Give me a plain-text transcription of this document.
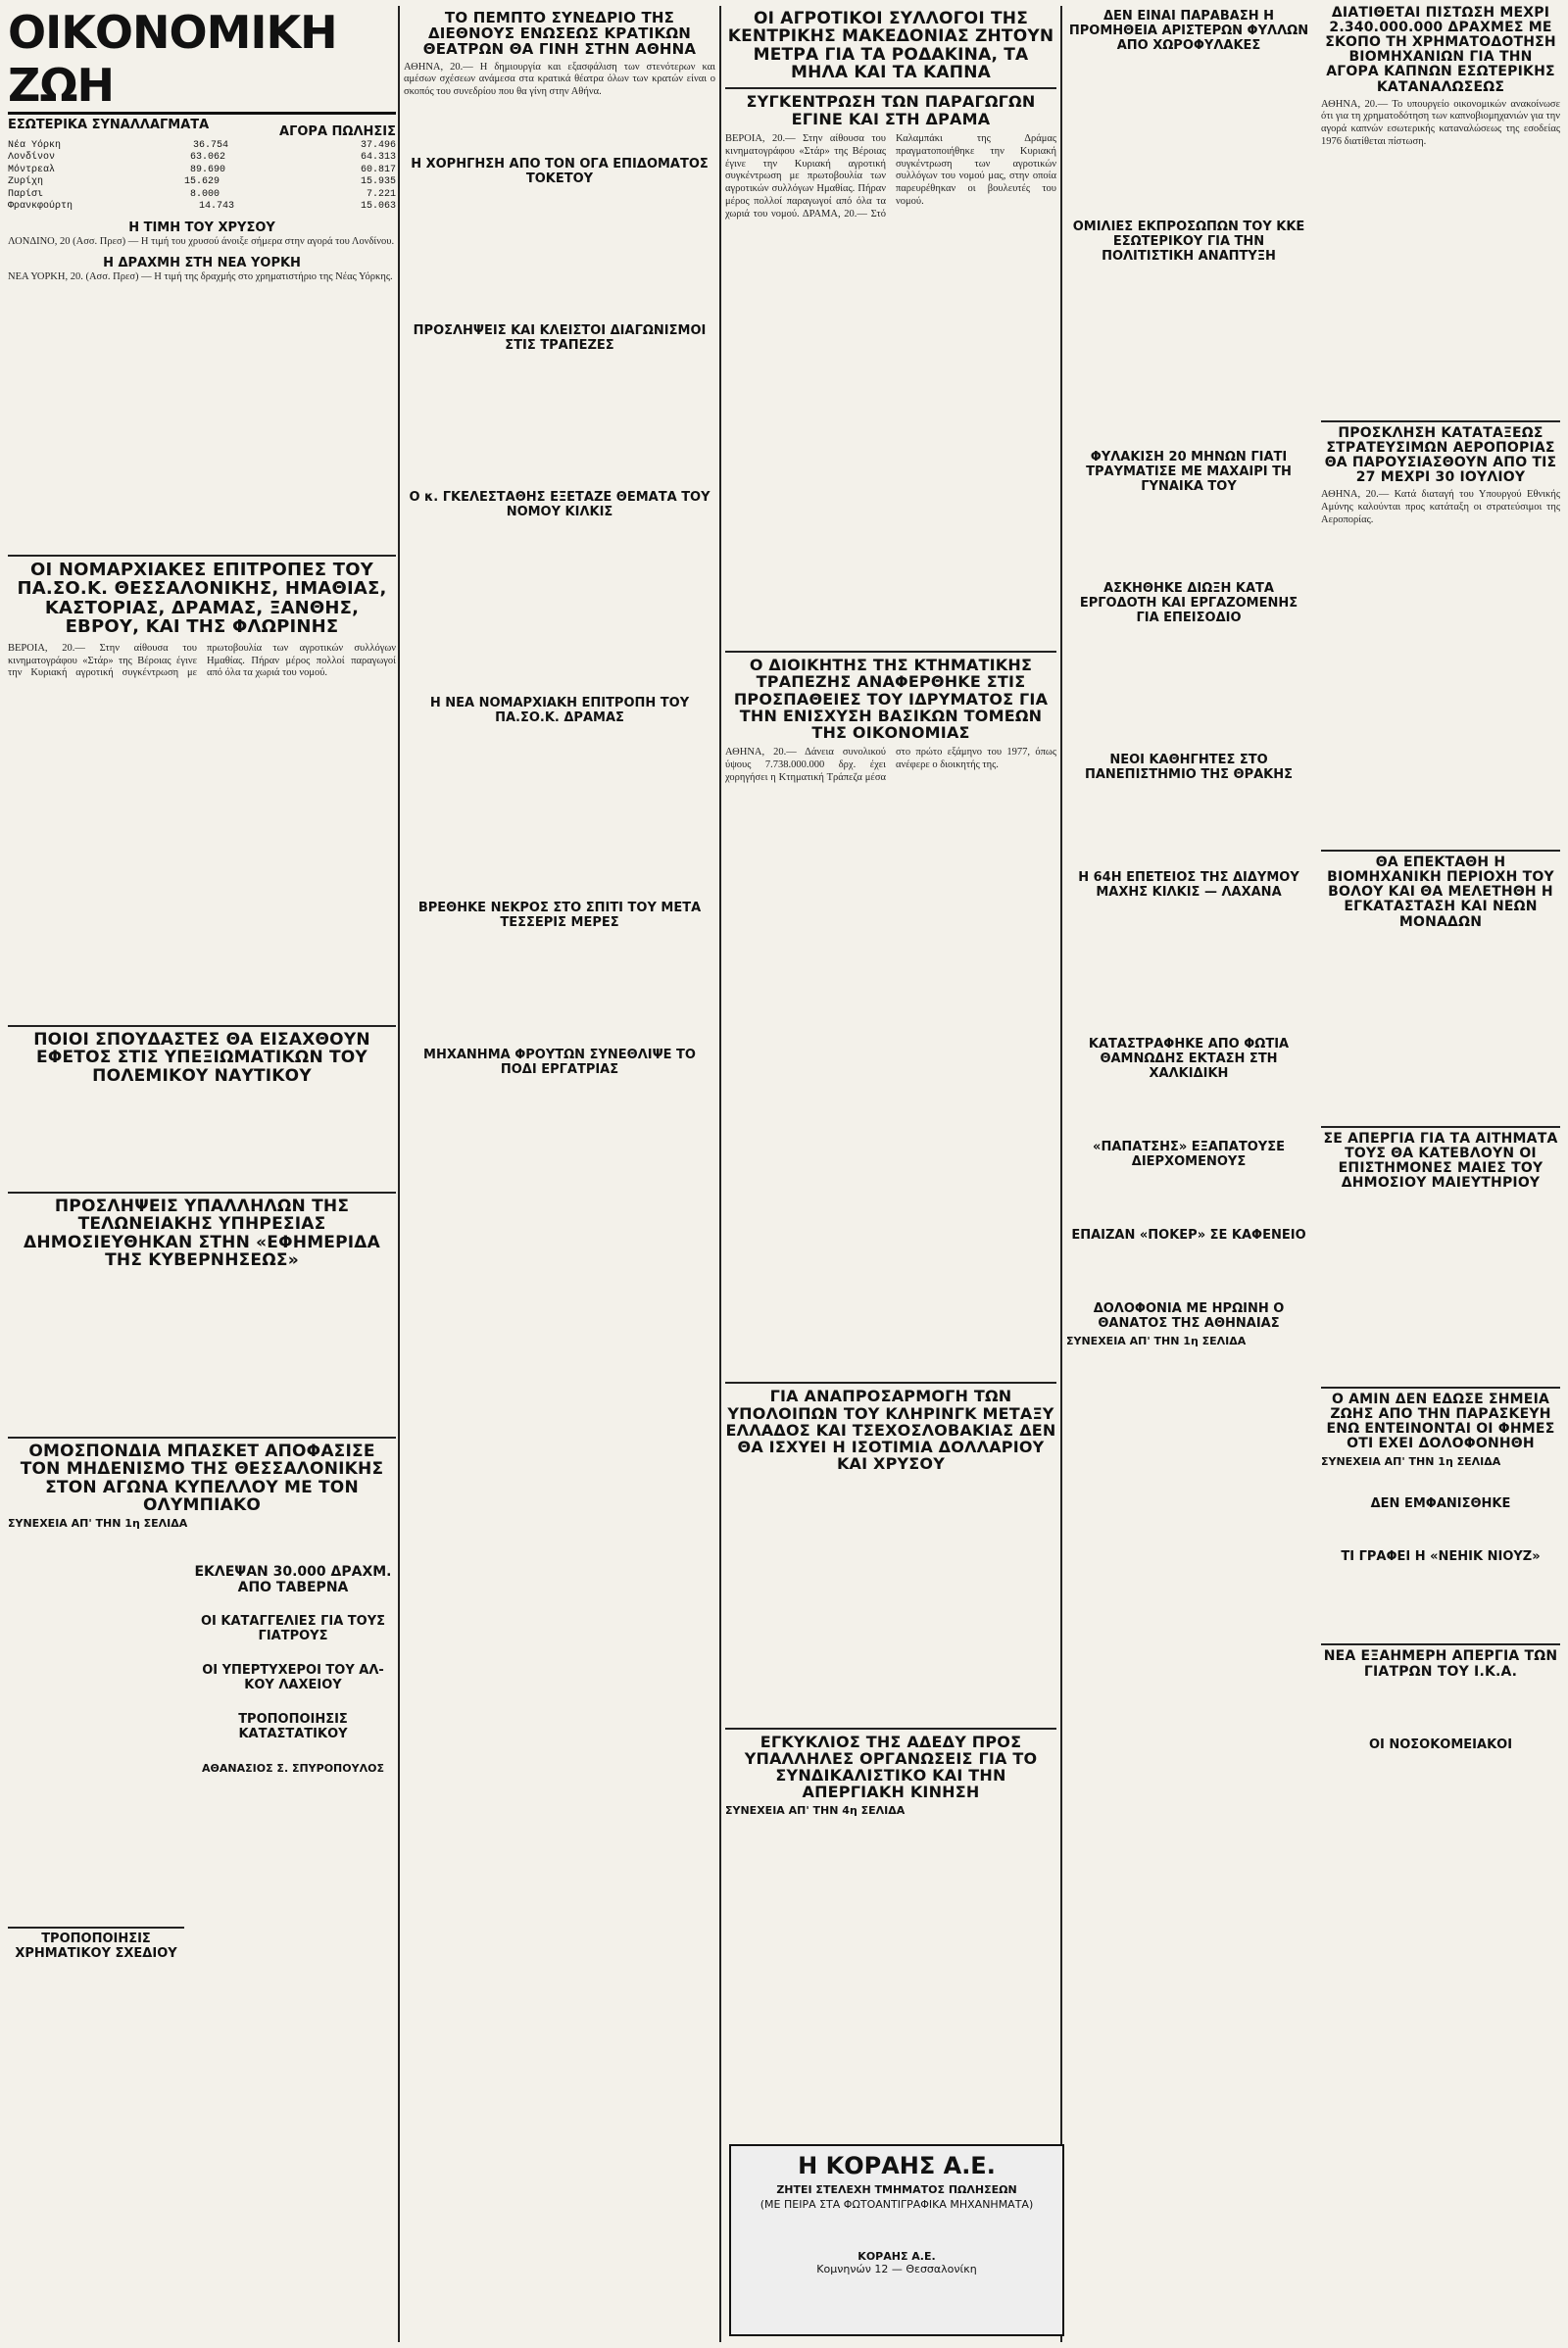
ΟΙΚΟΝΟΜΙΚΗ ΖΩΗ
ΕΣΩΤΕΡΙΚΑ ΣΥΝΑΛΛΑΓΜΑΤΑ	ΑΓΟΡΑ ΠΩΛΗΣΙΣ
Νέα Υόρκη	36.754	37.496
Λονδίνον	63.062	64.313
Μόντρεαλ	89.690	60.817
Ζυρίχη	15.629	15.935
Παρίσι	8.000	7.221
Φρανκφούρτη	14.743	15.063
Η ΤΙΜΗ ΤΟΥ ΧΡΥΣΟΥ
ΛΟΝΔΙΝΟ, 20 (Ασσ. Πρεσ) — Η τιμή του χρυσού άνοιξε σήμερα στην αγορά του Λονδίνου.
Η ΔΡΑΧΜΗ ΣΤΗ ΝΕΑ ΥΟΡΚΗ
ΝΕΑ ΥΟΡΚΗ, 20. (Ασσ. Πρεσ) — Η τιμή της δραχμής στο χρηματιστήριο της Νέας Υόρκης.
ΟΙ ΝΟΜΑΡΧΙΑΚΕΣ ΕΠΙΤΡΟΠΕΣ ΤΟΥ ΠΑ.ΣΟ.Κ. ΘΕΣΣΑΛΟΝΙΚΗΣ, ΗΜΑΘΙΑΣ, ΚΑΣΤΟΡΙΑΣ, ΔΡΑΜΑΣ, ΞΑΝΘΗΣ, ΕΒΡΟΥ, ΚΑΙ ΤΗΣ ΦΛΩΡΙΝΗΣ
ΒΕΡΟΙΑ, 20.— Στην αίθουσα του κινηματογράφου «Στάρ» της Βέροιας έγινε την Κυριακή αγροτική συγκέντρωση με πρωτοβουλία των αγροτικών συλλόγων Ημαθίας. Πήραν μέρος πολλοί παραγωγοί από όλα τα χωριά του νομού.
ΠΟΙΟΙ ΣΠΟΥΔΑΣΤΕΣ ΘΑ ΕΙΣΑΧΘΟΥΝ ΕΦΕΤΟΣ ΣΤΙΣ ΥΠΕΞΙΩΜΑΤΙΚΩΝ ΤΟΥ ΠΟΛΕΜΙΚΟΥ ΝΑΥΤΙΚΟΥ
ΠΡΟΣΛΗΨΕΙΣ ΥΠΑΛΛΗΛΩΝ ΤΗΣ ΤΕΛΩΝΕΙΑΚΗΣ ΥΠΗΡΕΣΙΑΣ ΔΗΜΟΣΙΕΥΘΗΚΑΝ ΣΤΗΝ «ΕΦΗΜΕΡΙΔΑ ΤΗΣ ΚΥΒΕΡΝΗΣΕΩΣ»
ΟΜΟΣΠΟΝΔΙΑ ΜΠΑΣΚΕΤ ΑΠΟΦΑΣΙΣΕ ΤΟΝ ΜΗΔΕΝΙΣΜΟ ΤΗΣ ΘΕΣΣΑΛΟΝΙΚΗΣ ΣΤΟΝ ΑΓΩΝΑ ΚΥΠΕΛΛΟΥ ΜΕ ΤΟΝ ΟΛΥΜΠΙΑΚΟ
ΣΥΝΕΧΕΙΑ ΑΠ' ΤΗΝ 1η ΣΕΛΙΔΑ
ΤΡΟΠΟΠΟΙΗΣΙΣ ΧΡΗΜΑΤΙΚΟΥ ΣΧΕΔΙΟΥ
ΕΚΛΕΨΑΝ 30.000 ΔΡΑΧΜ. ΑΠΟ ΤΑΒΕΡΝΑ
ΟΙ ΚΑΤΑΓΓΕΛΙΕΣ ΓΙΑ ΤΟΥΣ ΓΙΑΤΡΟΥΣ
ΟΙ ΥΠΕΡΤΥΧΕΡΟΙ ΤΟΥ ΑΛ-ΚΟΥ ΛΑΧΕΙΟΥ
ΤΡΟΠΟΠΟΙΗΣΙΣ ΚΑΤΑΣΤΑΤΙΚΟΥ
ΑΘΑΝΑΣΙΟΣ Σ. ΣΠΥΡΟΠΟΥΛΟΣ
ΤΟ ΠΕΜΠΤΟ ΣΥΝΕΔΡΙΟ ΤΗΣ ΔΙΕΘΝΟΥΣ ΕΝΩΣΕΩΣ ΚΡΑΤΙΚΩΝ ΘΕΑΤΡΩΝ ΘΑ ΓΙΝΗ ΣΤΗΝ ΑΘΗΝΑ
ΑΘΗΝΑ, 20.— Η δημιουργία και εξασφάλιση των στενότερων και αμέσων σχέσεων ανάμεσα στα κρατικά θέατρα όλων των κρατών είναι ο σκοπός του συνεδρίου που θα γίνη στην Αθήνα.
Η ΧΟΡΗΓΗΣΗ ΑΠΟ ΤΟΝ ΟΓΑ ΕΠΙΔΟΜΑΤΟΣ ΤΟΚΕΤΟΥ
ΠΡΟΣΛΗΨΕΙΣ ΚΑΙ ΚΛΕΙΣΤΟΙ ΔΙΑΓΩΝΙΣΜΟΙ ΣΤΙΣ ΤΡΑΠΕΖΕΣ
Ο κ. ΓΚΕΛΕΣΤΑΘΗΣ ΕΞΕΤΑΖΕ ΘΕΜΑΤΑ ΤΟΥ ΝΟΜΟΥ ΚΙΛΚΙΣ
Η ΝΕΑ ΝΟΜΑΡΧΙΑΚΗ ΕΠΙΤΡΟΠΗ ΤΟΥ ΠΑ.ΣΟ.Κ. ΔΡΑΜΑΣ
ΒΡΕΘΗΚΕ ΝΕΚΡΟΣ ΣΤΟ ΣΠΙΤΙ ΤΟΥ ΜΕΤΑ ΤΕΣΣΕΡΙΣ ΜΕΡΕΣ
ΜΗΧΑΝΗΜΑ ΦΡΟΥΤΩΝ ΣΥΝΕΘΛΙΨΕ ΤΟ ΠΟΔΙ ΕΡΓΑΤΡΙΑΣ
ΟΙ ΑΓΡΟΤΙΚΟΙ ΣΥΛΛΟΓΟΙ ΤΗΣ ΚΕΝΤΡΙΚΗΣ ΜΑΚΕΔΟΝΙΑΣ ΖΗΤΟΥΝ ΜΕΤΡΑ ΓΙΑ ΤΑ ΡΟΔΑΚΙΝΑ, ΤΑ ΜΗΛΑ ΚΑΙ ΤΑ ΚΑΠΝΑ
ΣΥΓΚΕΝΤΡΩΣΗ ΤΩΝ ΠΑΡΑΓΩΓΩΝ ΕΓΙΝΕ ΚΑΙ ΣΤΗ ΔΡΑΜΑ
ΒΕΡΟΙΑ, 20.— Στην αίθουσα του κινηματογράφου «Στάρ» της Βέροιας έγινε την Κυριακή αγροτική συγκέντρωση με πρωτοβουλία των αγροτικών συλλόγων Ημαθίας. Πήραν μέρος πολλοί παραγωγοί από όλα τα χωριά του νομού. ΔΡΑΜΑ, 20.— Στό Καλαμπάκι της Δράμας πραγματοποιήθηκε την Κυριακή συγκέντρωση των αγροτικών συλλόγων του νομού μας, στην οποία παρευρέθηκαν οι βουλευτές του νομού.
Ο ΔΙΟΙΚΗΤΗΣ ΤΗΣ ΚΤΗΜΑΤΙΚΗΣ ΤΡΑΠΕΖΗΣ ΑΝΑΦΕΡΘΗΚΕ ΣΤΙΣ ΠΡΟΣΠΑΘΕΙΕΣ ΤΟΥ ΙΔΡΥΜΑΤΟΣ ΓΙΑ ΤΗΝ ΕΝΙΣΧΥΣΗ ΒΑΣΙΚΩΝ ΤΟΜΕΩΝ ΤΗΣ ΟΙΚΟΝΟΜΙΑΣ
ΑΘΗΝΑ, 20.— Δάνεια συνολικού ύψους 7.738.000.000 δρχ. έχει χορηγήσει η Κτηματική Τράπεζα μέσα στο πρώτο εξάμηνο του 1977, όπως ανέφερε ο διοικητής της.
ΓΙΑ ΑΝΑΠΡΟΣΑΡΜΟΓΗ ΤΩΝ ΥΠΟΛΟΙΠΩΝ ΤΟΥ ΚΛΗΡΙΝΓΚ ΜΕΤΑΞΥ ΕΛΛΑΔΟΣ ΚΑΙ ΤΣΕΧΟΣΛΟΒΑΚΙΑΣ ΔΕΝ ΘΑ ΙΣΧΥΕΙ Η ΙΣΟΤΙΜΙΑ ΔΟΛΛΑΡΙΟΥ ΚΑΙ ΧΡΥΣΟΥ
ΕΓΚΥΚΛΙΟΣ ΤΗΣ ΑΔΕΔΥ ΠΡΟΣ ΥΠΑΛΛΗΛΕΣ ΟΡΓΑΝΩΣΕΙΣ ΓΙΑ ΤΟ ΣΥΝΔΙΚΑΛΙΣΤΙΚΟ ΚΑΙ ΤΗΝ ΑΠΕΡΓΙΑΚΗ ΚΙΝΗΣΗ
ΣΥΝΕΧΕΙΑ ΑΠ' ΤΗΝ 4η ΣΕΛΙΔΑ
Η ΚΟΡΑΗΣ Α.Ε.
ΖΗΤΕΙ ΣΤΕΛΕΧΗ ΤΜΗΜΑΤΟΣ ΠΩΛΗΣΕΩΝ
(ΜΕ ΠΕΙΡΑ ΣΤΑ ΦΩΤΟΑΝΤΙΓΡΑΦΙΚΑ ΜΗΧΑΝΗΜΑΤΑ)
ΚΟΡΑΗΣ Α.Ε.
Κομνηνών 12 — Θεσσαλονίκη
ΔΕΝ ΕΙΝΑΙ ΠΑΡΑΒΑΣΗ Η ΠΡΟΜΗΘΕΙΑ ΑΡΙΣΤΕΡΩΝ ΦΥΛΛΩΝ ΑΠΟ ΧΩΡΟΦΥΛΑΚΕΣ
ΟΜΙΛΙΕΣ ΕΚΠΡΟΣΩΠΩΝ ΤΟΥ ΚΚΕ ΕΣΩΤΕΡΙΚΟΥ ΓΙΑ ΤΗΝ ΠΟΛΙΤΙΣΤΙΚΗ ΑΝΑΠΤΥΞΗ
ΦΥΛΑΚΙΣΗ 20 ΜΗΝΩΝ ΓΙΑΤΙ ΤΡΑΥΜΑΤΙΣΕ ΜΕ ΜΑΧΑΙΡΙ ΤΗ ΓΥΝΑΙΚΑ ΤΟΥ
ΑΣΚΗΘΗΚΕ ΔΙΩΞΗ ΚΑΤΑ ΕΡΓΟΔΟΤΗ ΚΑΙ ΕΡΓΑΖΟΜΕΝΗΣ ΓΙΑ ΕΠΕΙΣΟΔΙΟ
ΝΕΟΙ ΚΑΘΗΓΗΤΕΣ ΣΤΟ ΠΑΝΕΠΙΣΤΗΜΙΟ ΤΗΣ ΘΡΑΚΗΣ
Η 64Η ΕΠΕΤΕΙΟΣ ΤΗΣ ΔΙΔΥΜΟΥ ΜΑΧΗΣ ΚΙΛΚΙΣ — ΛΑΧΑΝΑ
ΚΑΤΑΣΤΡΑΦΗΚΕ ΑΠΟ ΦΩΤΙΑ ΘΑΜΝΩΔΗΣ ΕΚΤΑΣΗ ΣΤΗ ΧΑΛΚΙΔΙΚΗ
«ΠΑΠΑΤΣΗΣ» ΕΞΑΠΑΤΟΥΣΕ ΔΙΕΡΧΟΜΕΝΟΥΣ
ΕΠΑΙΖΑΝ «ΠΟΚΕΡ» ΣΕ ΚΑΦΕΝΕΙΟ
ΔΟΛΟΦΟΝΙΑ ΜΕ ΗΡΩΙΝΗ Ο ΘΑΝΑΤΟΣ ΤΗΣ ΑΘΗΝΑΙΑΣ
ΣΥΝΕΧΕΙΑ ΑΠ' ΤΗΝ 1η ΣΕΛΙΔΑ
ΔΙΑΤΙΘΕΤΑΙ ΠΙΣΤΩΣΗ ΜΕΧΡΙ 2.340.000.000 ΔΡΑΧΜΕΣ ΜΕ ΣΚΟΠΟ ΤΗ ΧΡΗΜΑΤΟΔΟΤΗΣΗ ΒΙΟΜΗΧΑΝΙΩΝ ΓΙΑ ΤΗΝ ΑΓΟΡΑ ΚΑΠΝΩΝ ΕΣΩΤΕΡΙΚΗΣ ΚΑΤΑΝΑΛΩΣΕΩΣ
ΑΘΗΝΑ, 20.— Το υπουργείο οικονομικών ανακοίνωσε ότι για τη χρηματοδότηση των καπνοβιομηχανιών για την αγορά καπνών εσωτερικής καταναλώσεως της εσοδείας 1976 διατίθεται πίστωση.
ΠΡΟΣΚΛΗΣΗ ΚΑΤΑΤΑΞΕΩΣ ΣΤΡΑΤΕΥΣΙΜΩΝ ΑΕΡΟΠΟΡΙΑΣ ΘΑ ΠΑΡΟΥΣΙΑΣΘΟΥΝ ΑΠΟ ΤΙΣ 27 ΜΕΧΡΙ 30 ΙΟΥΛΙΟΥ
ΑΘΗΝΑ, 20.— Κατά διαταγή του Υπουργού Εθνικής Αμύνης καλούνται προς κατάταξη οι στρατεύσιμοι της Αεροπορίας.
ΘΑ ΕΠΕΚΤΑΘΗ Η ΒΙΟΜΗΧΑΝΙΚΗ ΠΕΡΙΟΧΗ ΤΟΥ ΒΟΛΟΥ ΚΑΙ ΘΑ ΜΕΛΕΤΗΘΗ Η ΕΓΚΑΤΑΣΤΑΣΗ ΚΑΙ ΝΕΩΝ ΜΟΝΑΔΩΝ
ΣΕ ΑΠΕΡΓΙΑ ΓΙΑ ΤΑ ΑΙΤΗΜΑΤΑ ΤΟΥΣ ΘΑ ΚΑΤΕΒΛΟΥΝ ΟΙ ΕΠΙΣΤΗΜΟΝΕΣ ΜΑΙΕΣ ΤΟΥ ΔΗΜΟΣΙΟΥ ΜΑΙΕΥΤΗΡΙΟΥ
Ο ΑΜΙΝ ΔΕΝ ΕΔΩΣΕ ΣΗΜΕΙΑ ΖΩΗΣ ΑΠΟ ΤΗΝ ΠΑΡΑΣΚΕΥΗ ΕΝΩ ΕΝΤΕΙΝΟΝΤΑΙ ΟΙ ΦΗΜΕΣ ΟΤΙ ΕΧΕΙ ΔΟΛΟΦΟΝΗΘΗ
ΣΥΝΕΧΕΙΑ ΑΠ' ΤΗΝ 1η ΣΕΛΙΔΑ
ΔΕΝ ΕΜΦΑΝΙΣΘΗΚΕ
ΤΙ ΓΡΑΦΕΙ Η «ΝΕΗΙΚ ΝΙΟΥΖ»
ΝΕΑ ΕΞΑΗΜΕΡΗ ΑΠΕΡΓΙΑ ΤΩΝ ΓΙΑΤΡΩΝ ΤΟΥ Ι.Κ.Α.
ΟΙ ΝΟΣΟΚΟΜΕΙΑΚΟΙ
